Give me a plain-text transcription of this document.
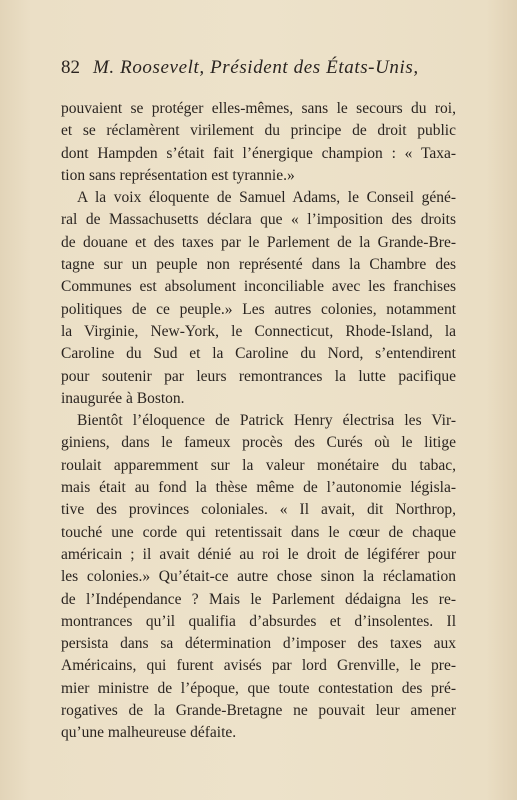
82 M. Roosevelt, Président des États-Unis,
pouvaient se protéger elles-mêmes, sans le secours du roi,
et se réclamèrent virilement du principe de droit public
dont Hampden s’était fait l’énergique champion : « Taxa-
tion sans représentation est tyrannie.»
A la voix éloquente de Samuel Adams, le Conseil géné-
ral de Massachusetts déclara que « l’imposition des droits
de douane et des taxes par le Parlement de la Grande-Bre-
tagne sur un peuple non représenté dans la Chambre des
Communes est absolument inconciliable avec les franchises
politiques de ce peuple.» Les autres colonies, notamment
la Virginie, New-York, le Connecticut, Rhode-Island, la
Caroline du Sud et la Caroline du Nord, s’entendirent
pour soutenir par leurs remontrances la lutte pacifique
inaugurée à Boston.
Bientôt l’éloquence de Patrick Henry électrisa les Vir-
giniens, dans le fameux procès des Curés où le litige
roulait apparemment sur la valeur monétaire du tabac,
mais était au fond la thèse même de l’autonomie législa-
tive des provinces coloniales. « Il avait, dit Northrop,
touché une corde qui retentissait dans le cœur de chaque
américain ; il avait dénié au roi le droit de légiférer pour
les colonies.» Qu’était-ce autre chose sinon la réclamation
de l’Indépendance ? Mais le Parlement dédaigna les re-
montrances qu’il qualifia d’absurdes et d’insolentes. Il
persista dans sa détermination d’imposer des taxes aux
Américains, qui furent avisés par lord Grenville, le pre-
mier ministre de l’époque, que toute contestation des pré-
rogatives de la Grande-Bretagne ne pouvait leur amener
qu’une malheureuse défaite.
